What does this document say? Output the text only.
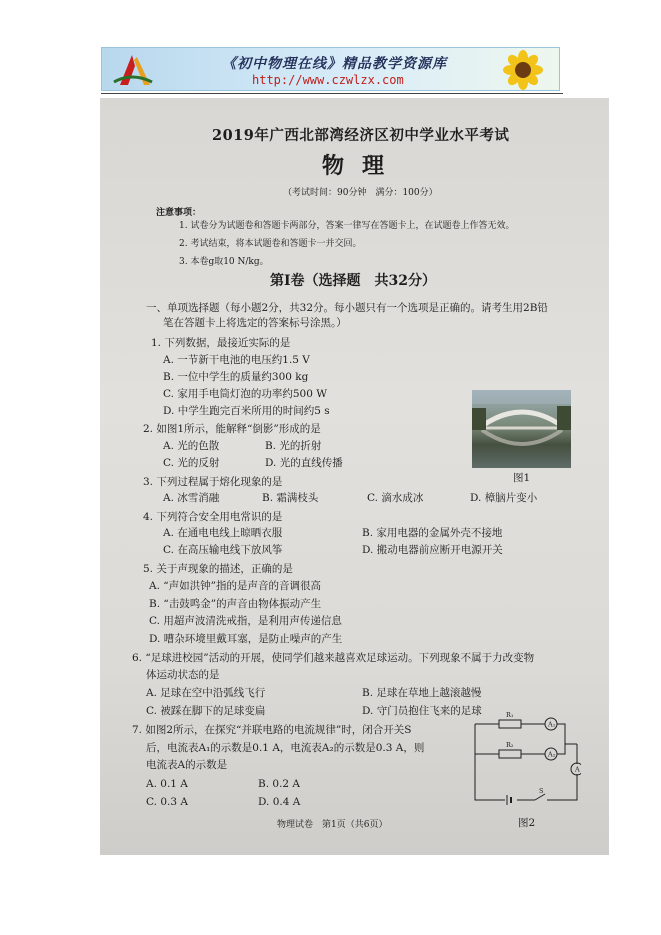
《初中物理在线》精品教学资源库
http://www.czwlzx.com
2019年广西北部湾经济区初中学业水平考试
物理
（考试时间：90分钟　满分：100分）
注意事项：
1. 试卷分为试题卷和答题卡两部分，答案一律写在答题卡上，在试题卷上作答无效。
2. 考试结束，将本试题卷和答题卡一并交回。
3. 本卷g取10 N/kg。
第Ⅰ卷（选择题　共32分）
一、单项选择题（每小题2分，共32分。每小题只有一个选项是正确的。请考生用2B铅
笔在答题卡上将选定的答案标号涂黑。）
1. 下列数据，最接近实际的是
A. 一节新干电池的电压约1.5 V
B. 一位中学生的质量约300 kg
C. 家用手电筒灯泡的功率约500 W
D. 中学生跑完百米所用的时间约5 s
图1
2. 如图1所示，能解释“倒影”形成的是
A. 光的色散	B. 光的折射
C. 光的反射	D. 光的直线传播
3. 下列过程属于熔化现象的是
A. 冰雪消融	B. 霜满枝头	C. 滴水成冰	D. 樟脑片变小
4. 下列符合安全用电常识的是
A. 在通电电线上晾晒衣服	B. 家用电器的金属外壳不接地
C. 在高压输电线下放风筝	D. 搬动电器前应断开电源开关
5. 关于声现象的描述，正确的是
A. “声如洪钟”指的是声音的音调很高
B. “击鼓鸣金”的声音由物体振动产生
C. 用超声波清洗戒指，是利用声传递信息
D. 嘈杂环境里戴耳塞，是防止噪声的产生
6. “足球进校园”活动的开展，使同学们越来越喜欢足球运动。下列现象不属于力改变物
体运动状态的是
A. 足球在空中沿弧线飞行	B. 足球在草地上越滚越慢
C. 被踩在脚下的足球变扁	D. 守门员抱住飞来的足球
7. 如图2所示，在探究“并联电路的电流规律”时，闭合开关S
后，电流表A₁的示数是0.1 A，电流表A₂的示数是0.3 A，则
电流表A的示数是
A. 0.1 A	B. 0.2 A
C. 0.3 A	D. 0.4 A
R₁
R₂
A₁
A₂
A
S
图2
物理试卷　第1页（共6页）
